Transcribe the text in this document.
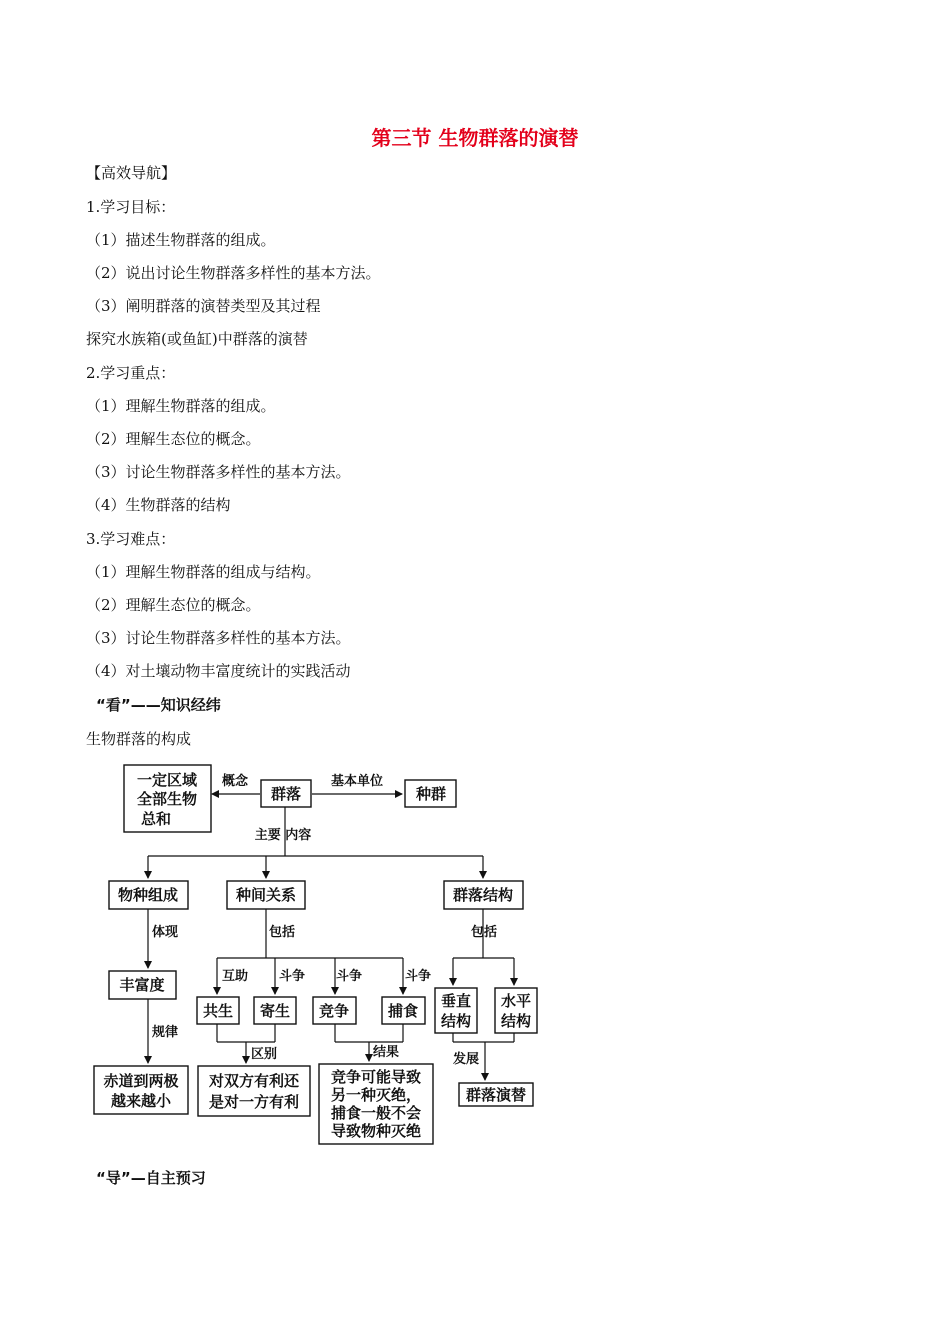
第三节 生物群落的演替
【高效导航】
1.学习目标：
（1）描述生物群落的组成。
（2）说出讨论生物群落多样性的基本方法。
（3）阐明群落的演替类型及其过程
探究水族箱(或鱼缸)中群落的演替
2.学习重点：
（1）理解生物群落的组成。
（2）理解生态位的概念。
（3）讨论生物群落多样性的基本方法。
（4）生物群落的结构
3.学习难点：
（1）理解生物群落的组成与结构。
（2）理解生态位的概念。
（3）讨论生物群落多样性的基本方法。
（4）对土壤动物丰富度统计的实践活动
“看”——知识经纬
生物群落的构成
一定区域
全部生物
总和
概念
群落
基本单位
种群
主要 内容
物种组成	种间关系	群落结构
体现	包括	包括
丰富度
规律
赤道到两极
越来越小
互助 斗争 斗争	斗争
共生 寄生 竞争	捕食
垂直
结构
水平
结构
区别	结果	发展
对双方有利还
是对一方有利
竞争可能导致
另一种灭绝，
捕食一般不会
导致物种灭绝
群落演替
“导”—自主预习
